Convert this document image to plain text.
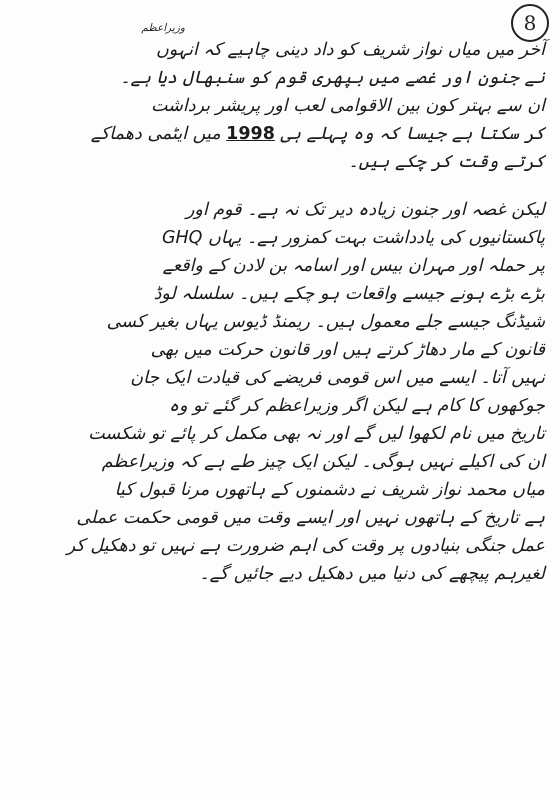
8
وزیراعظم
آخر میں میاں نواز شریف کو داد دینی چاہیے کہ انہوں
نے جنون اور غصے میں بپھری قوم کو سنبھال دیا ہے۔
ان سے بہتر کون بین الاقوامی لعب اور پریشر برداشت
کر سکتا ہے جیسا کہ وہ پہلے ہی 1998 میں ایٹمی دھماکے
کرتے وقت کر چکے ہیں۔
لیکن غصہ اور جنون زیادہ دیر تک نہ ہے۔ قوم اور
پاکستانیوں کی یادداشت بہت کمزور ہے۔ یہاں GHQ
پر حملہ اور مہران بیس اور اسامہ بن لادن کے واقعے
بڑے بڑے ہونے جیسے واقعات ہو چکے ہیں۔ سلسلہ لوڈ
شیڈنگ جیسے جلے معمول ہیں۔ ریمنڈ ڈیوس یہاں بغیر کسی
قانون کے مار دھاڑ کرتے ہیں اور قانون حرکت میں بھی
نہیں آتا۔ ایسے میں اس قومی فریضے کی قیادت ایک جان
جوکھوں کا کام ہے لیکن اگر وزیراعظم کر گئے تو وہ
تاریخ میں نام لکھوا لیں گے اور نہ بھی مکمل کر پائے تو شکست
ان کی اکیلے نہیں ہوگی۔ لیکن ایک چیز طے ہے کہ وزیراعظم
میاں محمد نواز شریف نے دشمنوں کے ہاتھوں مرنا قبول کیا
ہے تاریخ کے ہاتھوں نہیں اور ایسے وقت میں قومی حکمت عملی
عمل جنگی بنیادوں پر وقت کی اہم ضرورت ہے نہیں تو دھکیل کر
لغیرہم پیچھے کی دنیا میں دھکیل دیے جائیں گے۔
